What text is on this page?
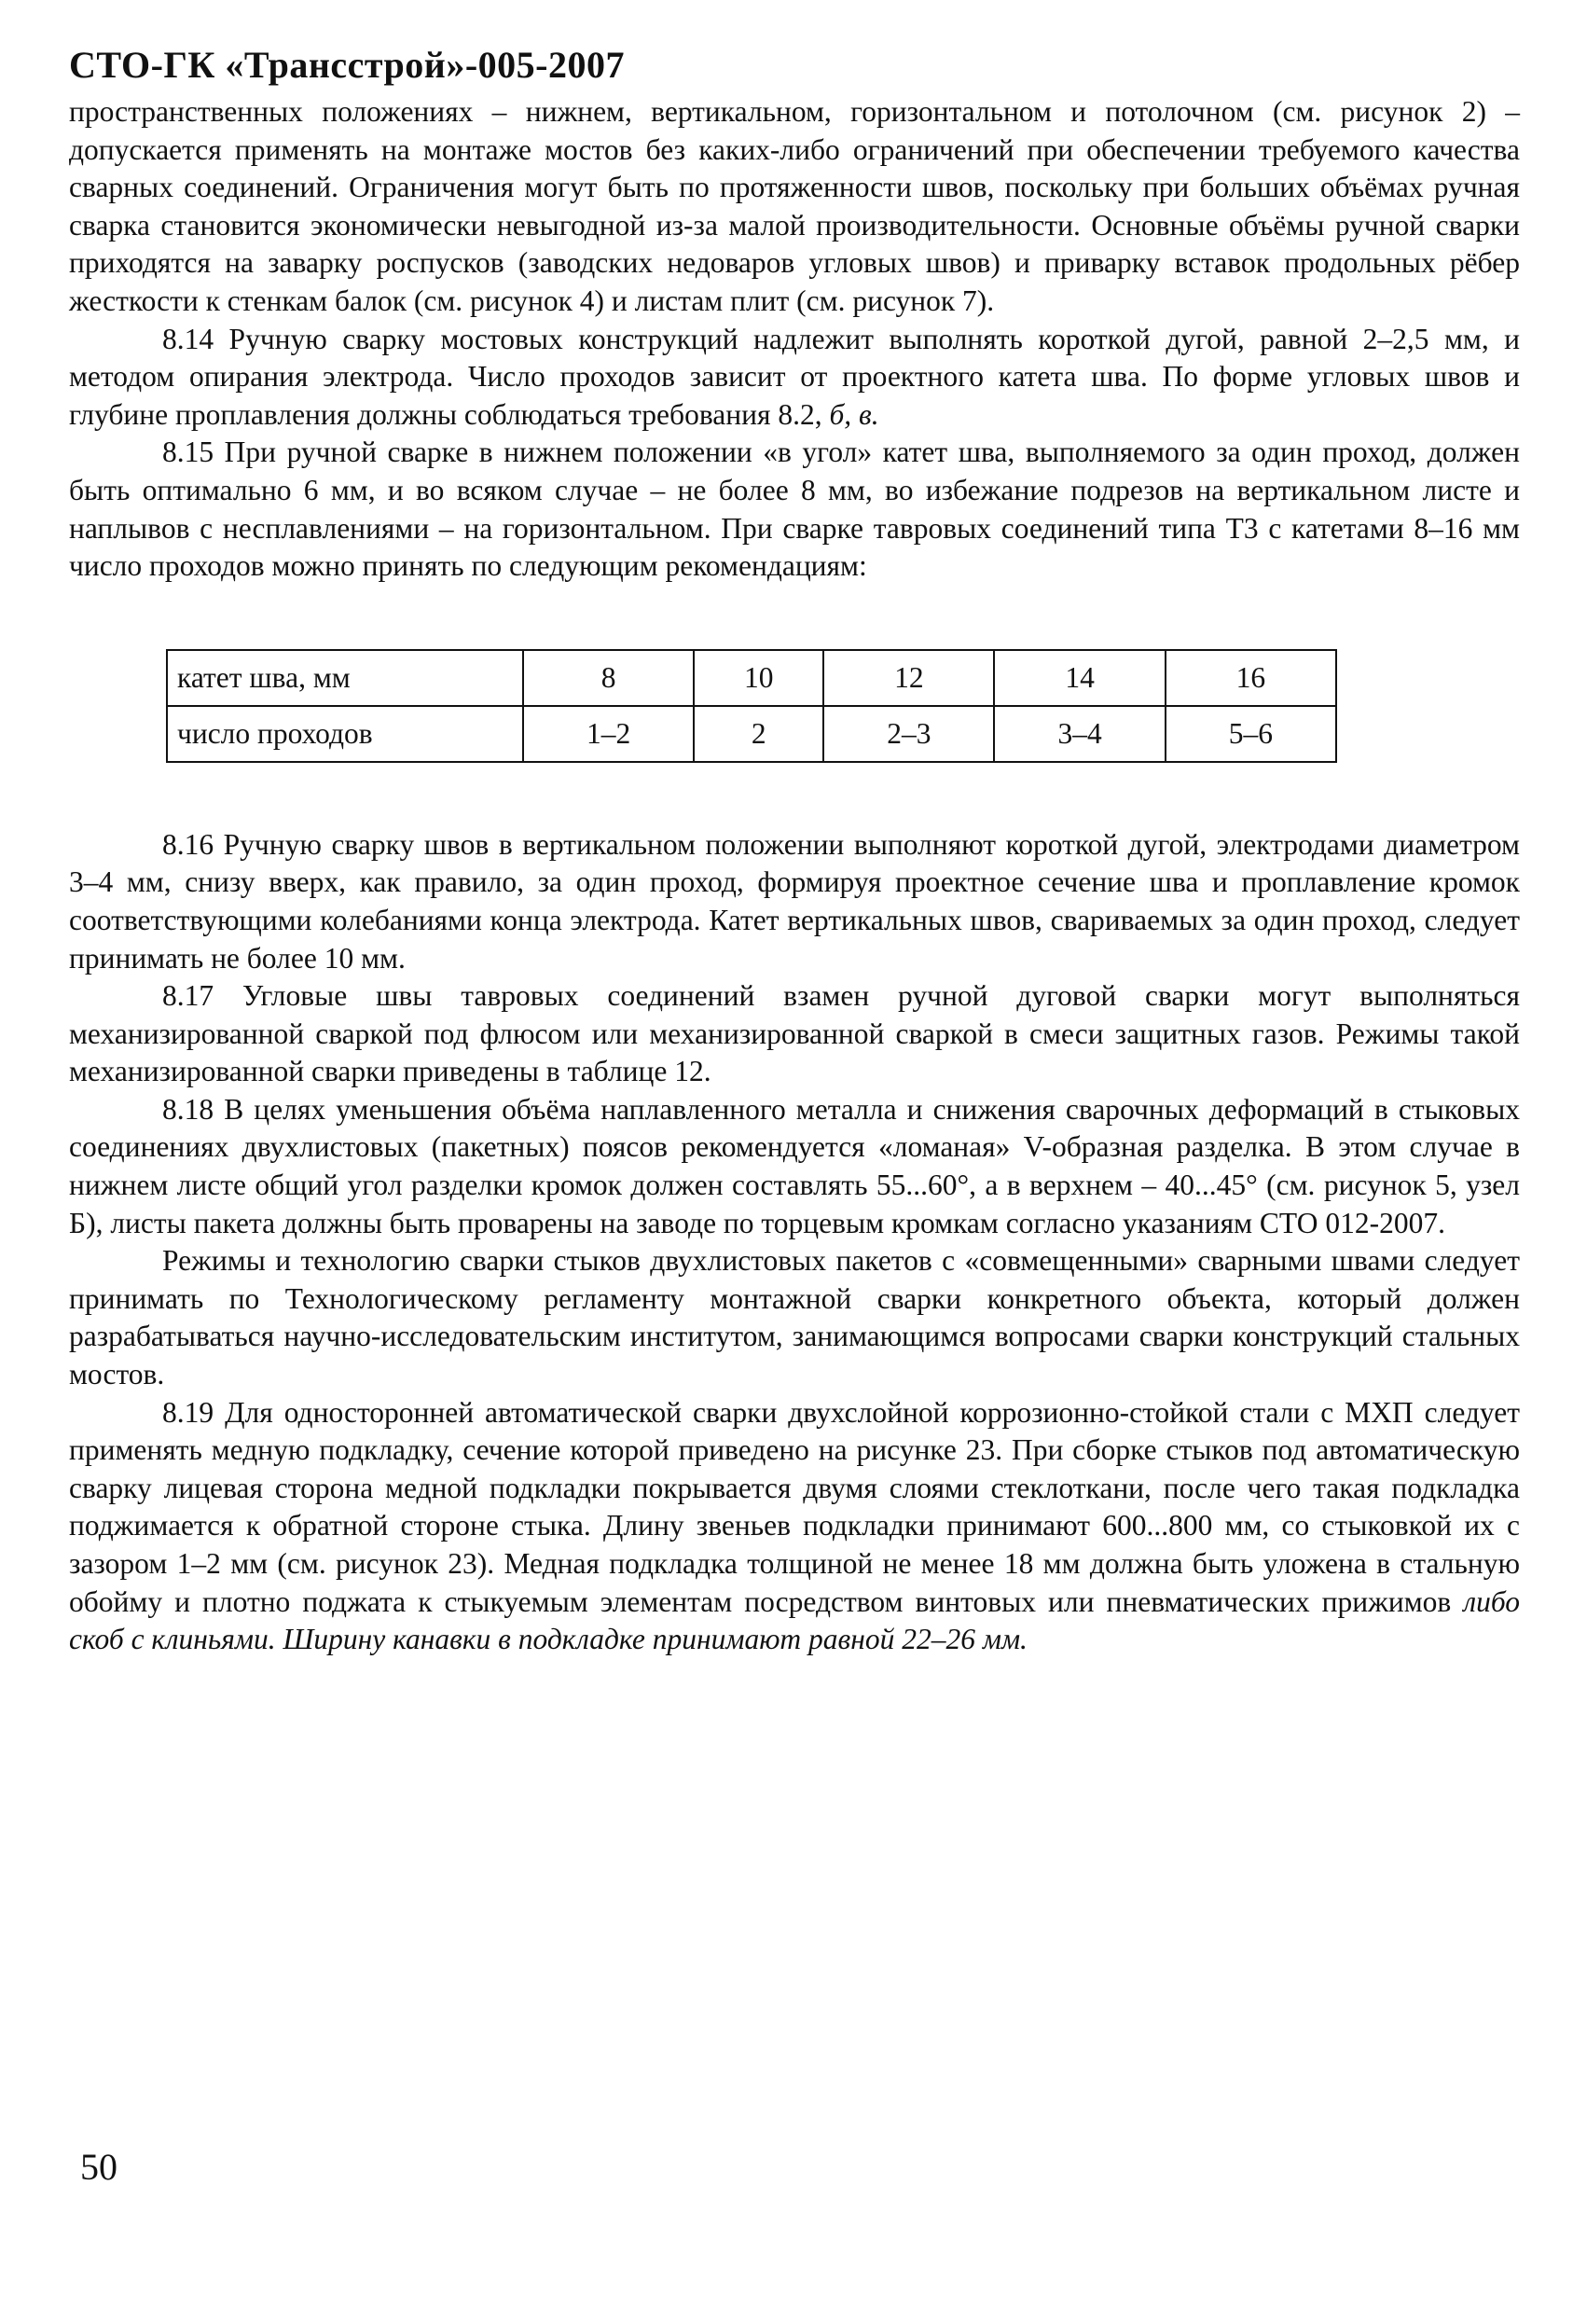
СТО-ГК «Трансстрой»-005-2007

пространственных положениях – нижнем, вертикальном, горизонтальном и потолочном (см. рисунок 2) – допускается применять на монтаже мостов без каких-либо ограничений при обеспечении требуемого качества сварных соединений. Ограничения могут быть по протяженности швов, поскольку при больших объёмах ручная сварка становится экономически невыгодной из-за малой производительности. Основные объёмы ручной сварки приходятся на заварку роспусков (заводских недоваров угловых швов) и приварку вставок продольных рёбер жесткости к стенкам балок (см. рисунок 4) и листам плит (см. рисунок 7).

8.14 Ручную сварку мостовых конструкций надлежит выполнять короткой дугой, равной 2–2,5 мм, и методом опирания электрода. Число проходов зависит от проектного катета шва. По форме угловых швов и глубине проплавления должны соблюдаться требования 8.2, б, в.

8.15 При ручной сварке в нижнем положении «в угол» катет шва, выполняемого за один проход, должен быть оптимально 6 мм, и во всяком случае – не более 8 мм, во избежание подрезов на вертикальном листе и наплывов с несплавлениями – на горизонтальном. При сварке тавровых соединений типа Т3 с катетами 8–16 мм число проходов можно принять по следующим рекомендациям:

катет шва, мм	8	10	12	14	16
число проходов	1–2	2	2–3	3–4	5–6

8.16 Ручную сварку швов в вертикальном положении выполняют короткой дугой, электродами диаметром 3–4 мм, снизу вверх, как правило, за один проход, формируя проектное сечение шва и проплавление кромок соответствующими колебаниями конца электрода. Катет вертикальных швов, свариваемых за один проход, следует принимать не более 10 мм.

8.17 Угловые швы тавровых соединений взамен ручной дуговой сварки могут выполняться механизированной сваркой под флюсом или механизированной сваркой в смеси защитных газов. Режимы такой механизированной сварки приведены в таблице 12.

8.18 В целях уменьшения объёма наплавленного металла и снижения сварочных деформаций в стыковых соединениях двухлистовых (пакетных) поясов рекомендуется «ломаная» V-образная разделка. В этом случае в нижнем листе общий угол разделки кромок должен составлять 55...60°, а в верхнем – 40...45° (см. рисунок 5, узел Б), листы пакета должны быть проварены на заводе по торцевым кромкам согласно указаниям СТО 012-2007.

Режимы и технологию сварки стыков двухлистовых пакетов с «совмещенными» сварными швами следует принимать по Технологическому регламенту монтажной сварки конкретного объекта, который должен разрабатываться научно-исследовательским институтом, занимающимся вопросами сварки конструкций стальных мостов.

8.19 Для односторонней автоматической сварки двухслойной коррозионно-стойкой стали с МХП следует применять медную подкладку, сечение которой приведено на рисунке 23. При сборке стыков под автоматическую сварку лицевая сторона медной подкладки покрывается двумя слоями стеклоткани, после чего такая подкладка поджимается к обратной стороне стыка. Длину звеньев подкладки принимают 600...800 мм, со стыковкой их с зазором 1–2 мм (см. рисунок 23). Медная подкладка толщиной не менее 18 мм должна быть уложена в стальную обойму и плотно поджата к стыкуемым элементам посредством винтовых или пневматических прижимов либо скоб с клиньями. Ширину канавки в подкладке принимают равной 22–26 мм.

50
